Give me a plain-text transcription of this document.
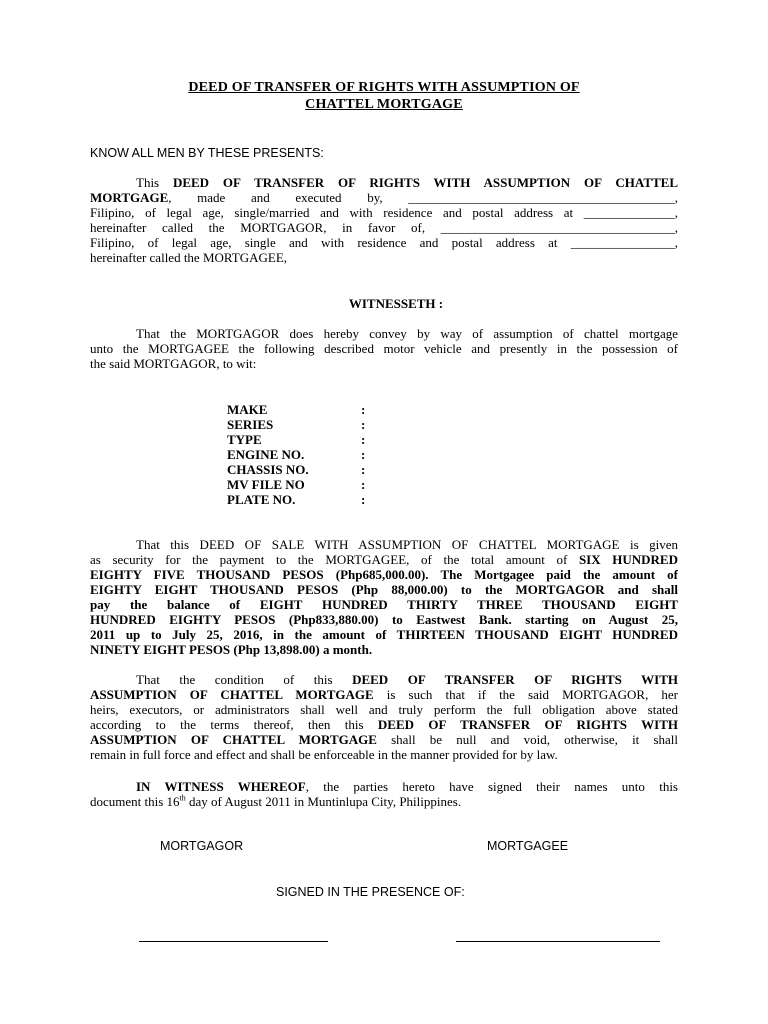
DEED OF TRANSFER OF RIGHTS WITH ASSUMPTION OF
CHATTEL MORTGAGE
KNOW ALL MEN BY THESE PRESENTS:
This DEED OF TRANSFER OF RIGHTS WITH ASSUMPTION OF CHATTEL
MORTGAGE, made and executed by, _________________________________________,
Filipino, of legal age, single/married and with residence and postal address at ______________,
hereinafter called the MORTGAGOR, in favor of, ____________________________________,
Filipino, of legal age, single and with residence and postal address at ________________,
hereinafter called the MORTGAGEE,
WITNESSETH :
That the MORTGAGOR does hereby convey by way of assumption of chattel mortgage
unto the MORTGAGEE the following described motor vehicle and presently in the possession of
the said MORTGAGOR, to wit:
MAKE	:
SERIES	:
TYPE	:
ENGINE NO.	:
CHASSIS NO.	:
MV FILE NO	:
PLATE NO.	:
That this DEED OF SALE WITH ASSUMPTION OF CHATTEL MORTGAGE is given
as security for the payment to the MORTGAGEE, of the total amount of SIX HUNDRED
EIGHTY FIVE THOUSAND PESOS (Php685,000.00). The Mortgagee paid the amount of
EIGHTY EIGHT THOUSAND PESOS (Php 88,000.00) to the MORTGAGOR and shall
pay the balance of EIGHT HUNDRED THIRTY THREE THOUSAND EIGHT
HUNDRED EIGHTY PESOS (Php833,880.00) to Eastwest Bank. starting on August 25,
2011 up to July 25, 2016, in the amount of THIRTEEN THOUSAND EIGHT HUNDRED
NINETY EIGHT PESOS (Php 13,898.00) a month.
That the condition of this DEED OF TRANSFER OF RIGHTS WITH
ASSUMPTION OF CHATTEL MORTGAGE is such that if the said MORTGAGOR, her
heirs, executors, or administrators shall well and truly perform the full obligation above stated
according to the terms thereof, then this DEED OF TRANSFER OF RIGHTS WITH
ASSUMPTION OF CHATTEL MORTGAGE shall be null and void, otherwise, it shall
remain in full force and effect and shall be enforceable in the manner provided for by law.
IN WITNESS WHEREOF, the parties hereto have signed their names unto this
document this 16th day of August 2011 in Muntinlupa City, Philippines.
MORTGAGOR	MORTGAGEE
SIGNED IN THE PRESENCE OF:
